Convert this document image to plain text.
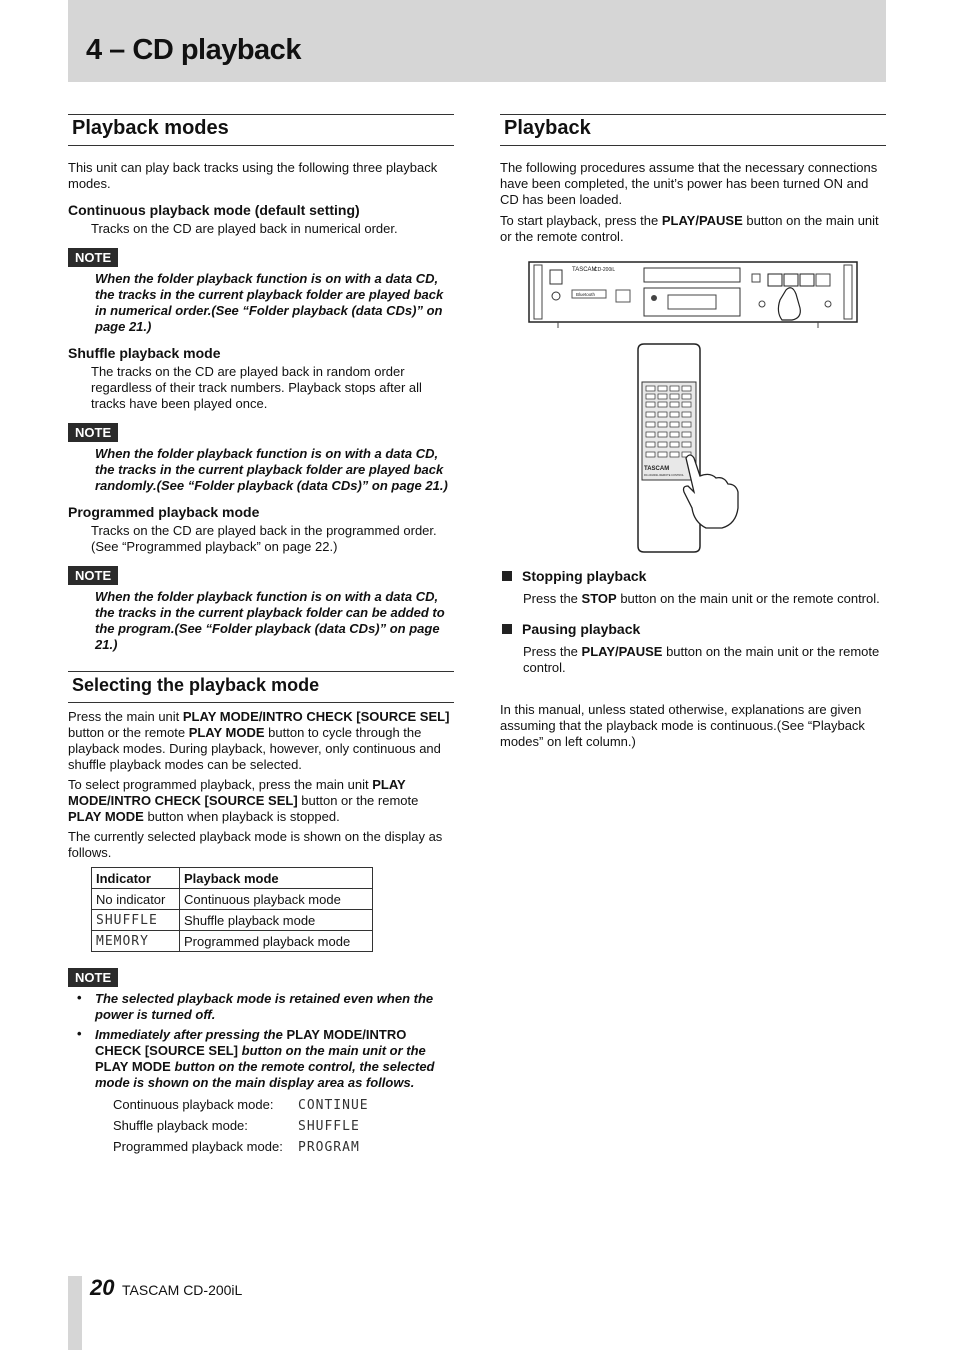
4 – CD playback
Playback modes

This unit can play back tracks using the following three playback modes.

Continuous playback mode (default setting)

Tracks on the CD are played back in numerical order.

NOTE

When the folder playback function is on with a data CD, the tracks in the current playback folder are played back in numerical order.(See “Folder playback (data CDs)” on page 21.)

Shuffle playback mode

The tracks on the CD are played back in random order regardless of their track numbers. Playback stops after all tracks have been played once.

NOTE

When the folder playback function is on with a data CD, the tracks in the current playback folder are played back randomly.(See “Folder playback (data CDs)” on page 21.)

Programmed playback mode

Tracks on the CD are played back in the programmed order. (See “Programmed playback” on page 22.)

NOTE

When the folder playback function is on with a data CD, the tracks in the current playback folder can be added to the program.(See “Folder playback (data CDs)” on page 21.)

Selecting the playback mode

Press the main unit PLAY MODE/INTRO CHECK [SOURCE SEL] button or the remote PLAY MODE button to cycle through the playback modes. During playback, however, only continuous and shuffle playback modes can be selected.

To select programmed playback, press the main unit PLAY MODE/INTRO CHECK [SOURCE SEL] button or the remote PLAY MODE button when playback is stopped.

The currently selected playback mode is shown on the display as follows.

Indicator	Playback mode
No indicator	Continuous playback mode
SHUFFLE	Shuffle playback mode
MEMORY	Programmed playback mode
NOTE

• The selected playback mode is retained even when the power is turned off.

• Immediately after pressing the PLAY MODE/INTRO CHECK [SOURCE SEL] button on the main unit or the PLAY MODE button on the remote control, the selected mode is shown on the main display area as follows.

Continuous playback mode: CONTINUE
Shuffle playback mode:	SHUFFLE
Programmed playback mode: PROGRAM
Playback

The following procedures assume that the necessary connections have been completed, the unit’s power has been turned ON and CD has been loaded.

To start playback, press the PLAY/PAUSE button on the main unit or the remote control.

TASCAM
CD-200iL
Bluetooth
TASCAM
RC-CD200iL REMOTE CONTROL

Stopping playback

Press the STOP button on the main unit or the remote control.

Pausing playback

Press the PLAY/PAUSE button on the main unit or the remote control.

In this manual, unless stated otherwise, explanations are given assuming that the playback mode is continuous.(See “Playback modes” on left column.)

20 TASCAM CD-200iL
